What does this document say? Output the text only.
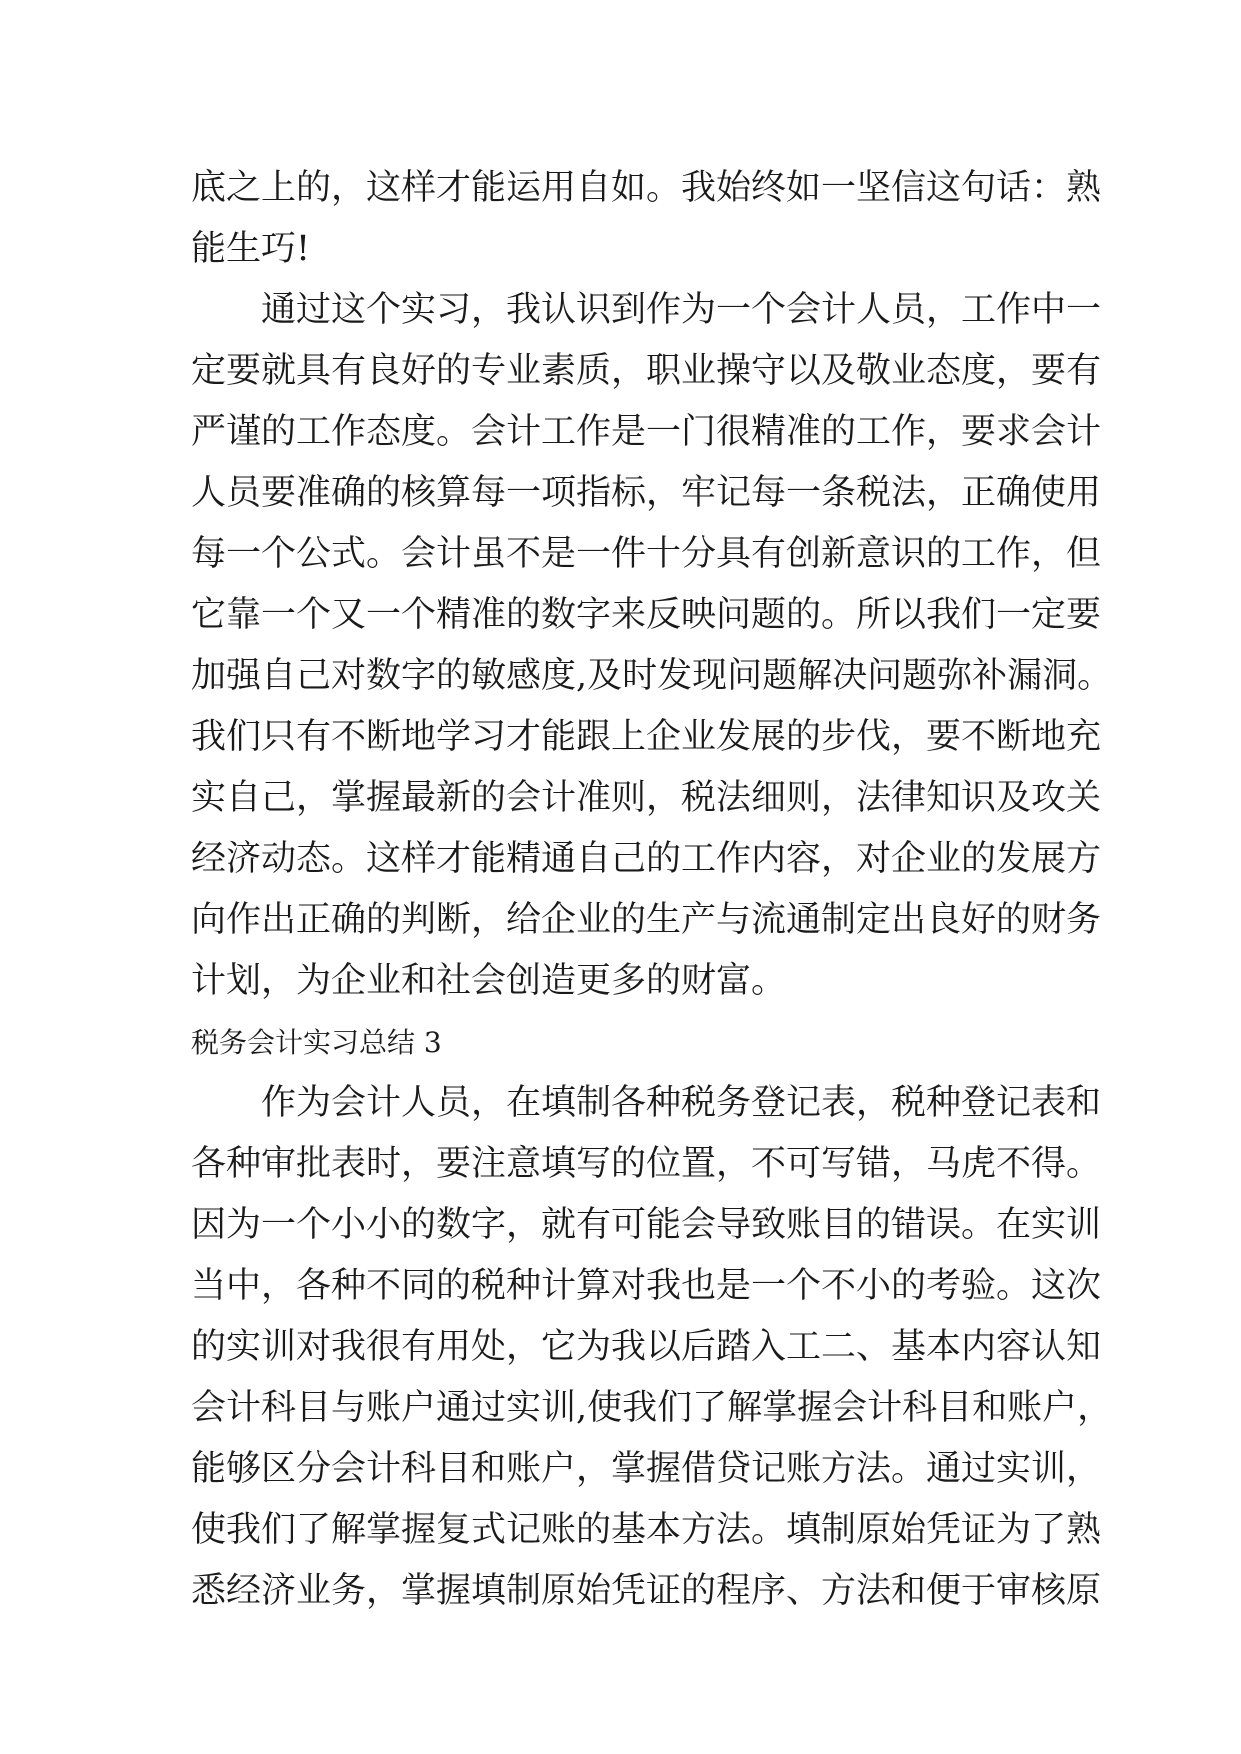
底之上的，这样才能运用自如。我始终如一坚信这句话：熟
能生巧!
通过这个实习，我认识到作为一个会计人员，工作中一
定要就具有良好的专业素质，职业操守以及敬业态度，要有
严谨的工作态度。会计工作是一门很精准的工作，要求会计
人员要准确的核算每一项指标，牢记每一条税法，正确使用
每一个公式。会计虽不是一件十分具有创新意识的工作，但
它靠一个又一个精准的数字来反映问题的。所以我们一定要
加强自己对数字的敏感度,及时发现问题解决问题弥补漏洞。
我们只有不断地学习才能跟上企业发展的步伐，要不断地充
实自己，掌握最新的会计准则，税法细则，法律知识及攻关
经济动态。这样才能精通自己的工作内容，对企业的发展方
向作出正确的判断，给企业的生产与流通制定出良好的财务
计划，为企业和社会创造更多的财富。
税务会计实习总结 3
作为会计人员，在填制各种税务登记表，税种登记表和
各种审批表时，要注意填写的位置，不可写错，马虎不得。
因为一个小小的数字，就有可能会导致账目的错误。在实训
当中，各种不同的税种计算对我也是一个不小的考验。这次
的实训对我很有用处，它为我以后踏入工二、基本内容认知
会计科目与账户通过实训,使我们了解掌握会计科目和账户，
能够区分会计科目和账户，掌握借贷记账方法。通过实训，
使我们了解掌握复式记账的基本方法。填制原始凭证为了熟
悉经济业务，掌握填制原始凭证的程序、方法和便于审核原
